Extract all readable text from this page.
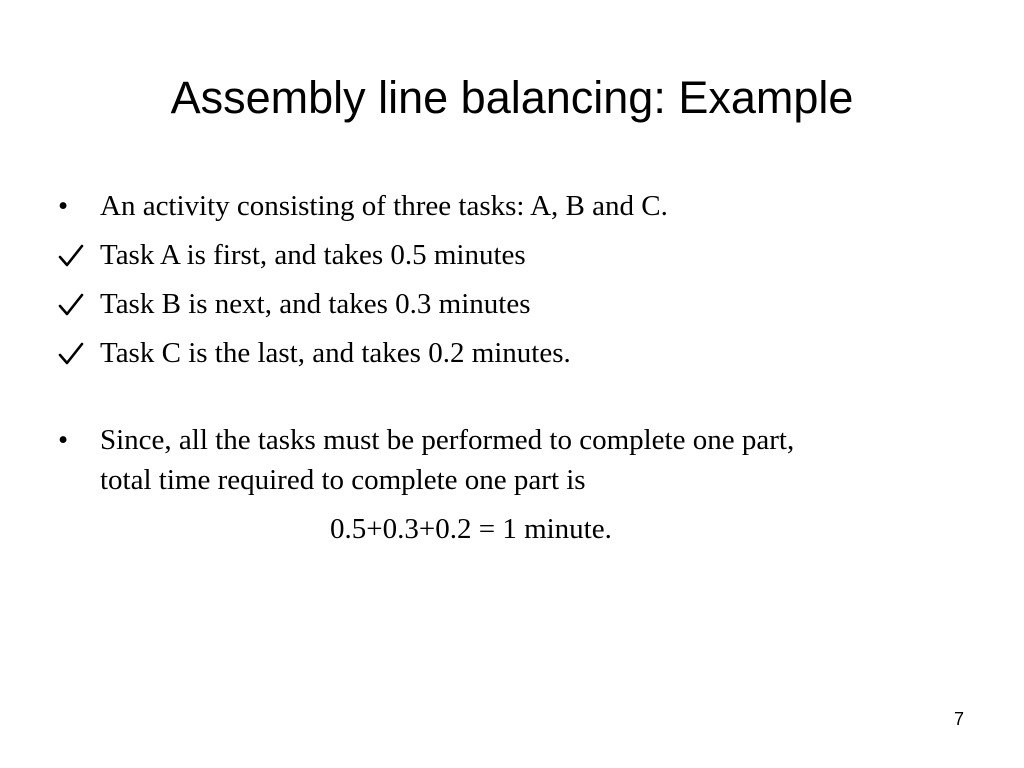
Assembly line balancing: Example
•	An activity consisting of three tasks: A, B and C.
Task A is first, and takes 0.5 minutes
Task B is next, and takes 0.3 minutes
Task C is the last, and takes 0.2 minutes.
•	Since, all the tasks must be performed to complete one part,
total time required to complete one part is
0.5+0.3+0.2 = 1 minute.
7
